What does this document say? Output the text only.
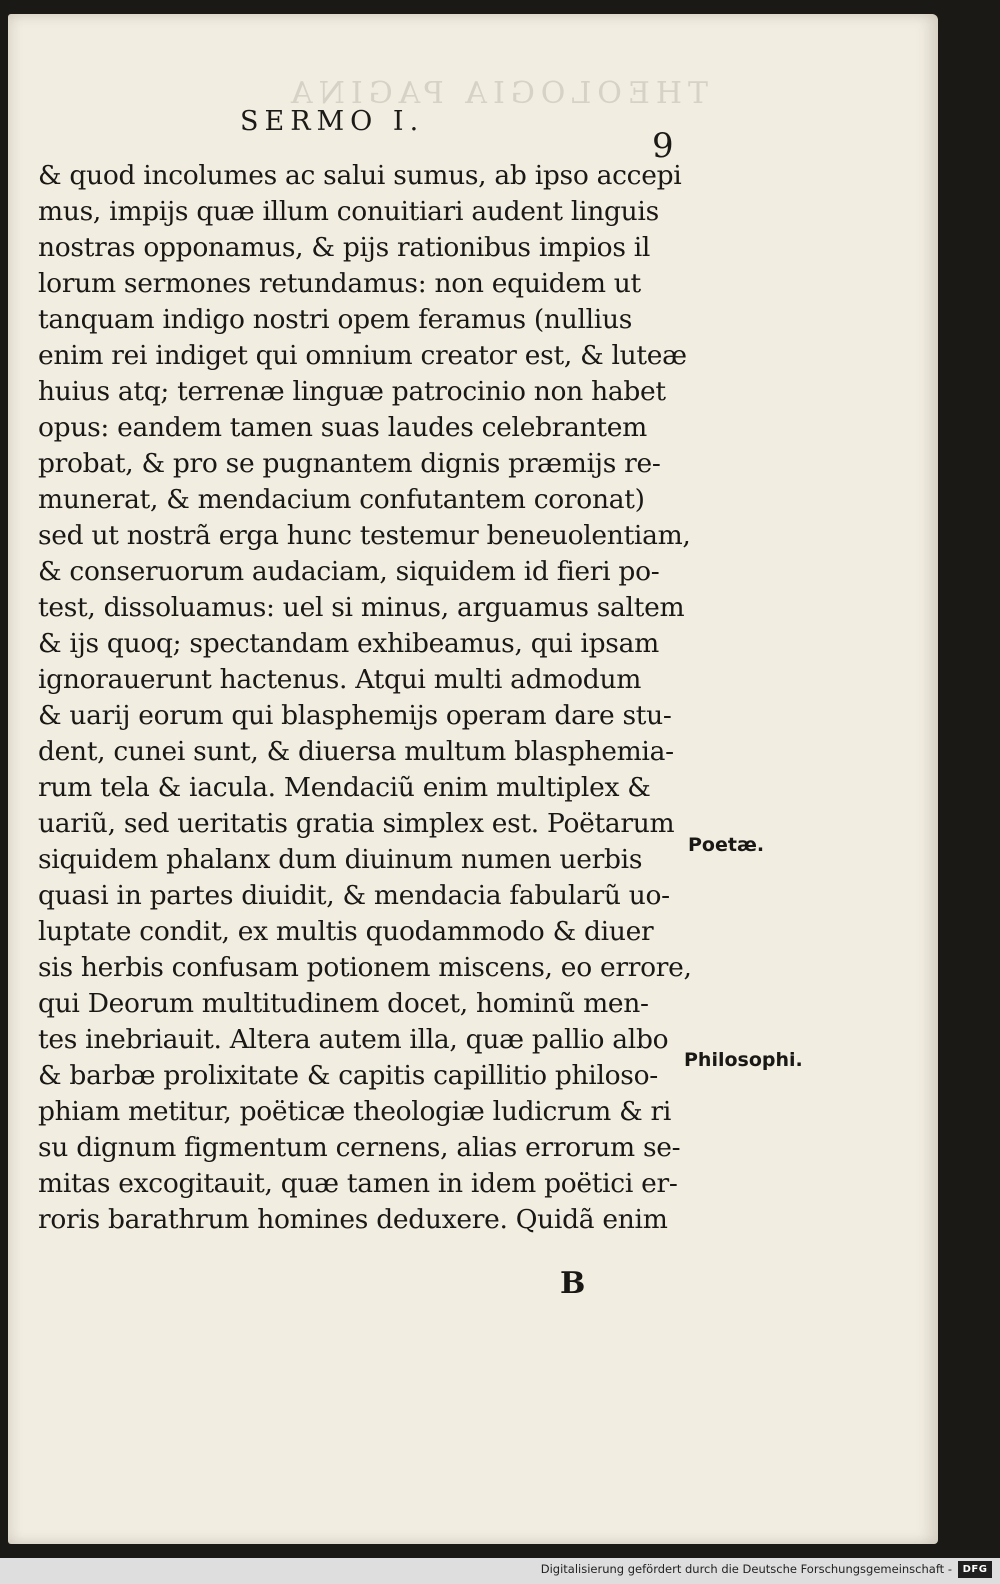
THEOLOGIA PAGINA
SERMO I.
9
& quod incolumes ac salui sumus, ab ipso accepi
mus, impijs quæ illum conuitiari audent linguis
nostras opponamus, & pijs rationibus impios il
lorum sermones retundamus: non equidem ut
tanquam indigo nostri opem feramus (nullius
enim rei indiget qui omnium creator est, & luteæ
huius atq; terrenæ linguæ patrocinio non habet
opus: eandem tamen suas laudes celebrantem
probat, & pro se pugnantem dignis præmijs re-
munerat, & mendacium confutantem coronat)
sed ut nostrã erga hunc testemur beneuolentiam,
& conseruorum audaciam, siquidem id fieri po-
test, dissoluamus: uel si minus, arguamus saltem
& ijs quoq; spectandam exhibeamus, qui ipsam
ignorauerunt hactenus. Atqui multi admodum
& uarij eorum qui blasphemijs operam dare stu-
dent, cunei sunt, & diuersa multum blasphemia-
rum tela & iacula. Mendaciũ enim multiplex &
uariũ, sed ueritatis gratia simplex est. Poëtarum
siquidem phalanx dum diuinum numen uerbis
quasi in partes diuidit, & mendacia fabularũ uo-
luptate condit, ex multis quodammodo & diuer
sis herbis confusam potionem miscens, eo errore,
qui Deorum multitudinem docet, hominũ men-
tes inebriauit. Altera autem illa, quæ pallio albo
& barbæ prolixitate & capitis capillitio philoso-
phiam metitur, poëticæ theologiæ ludicrum & ri
su dignum figmentum cernens, alias errorum se-
mitas excogitauit, quæ tamen in idem poëtici er-
roris barathrum homines deduxere. Quidã enim
Poetæ.
Philosophi.
B
Digitalisierung gefördert durch die Deutsche Forschungsgemeinschaft -	DFG
